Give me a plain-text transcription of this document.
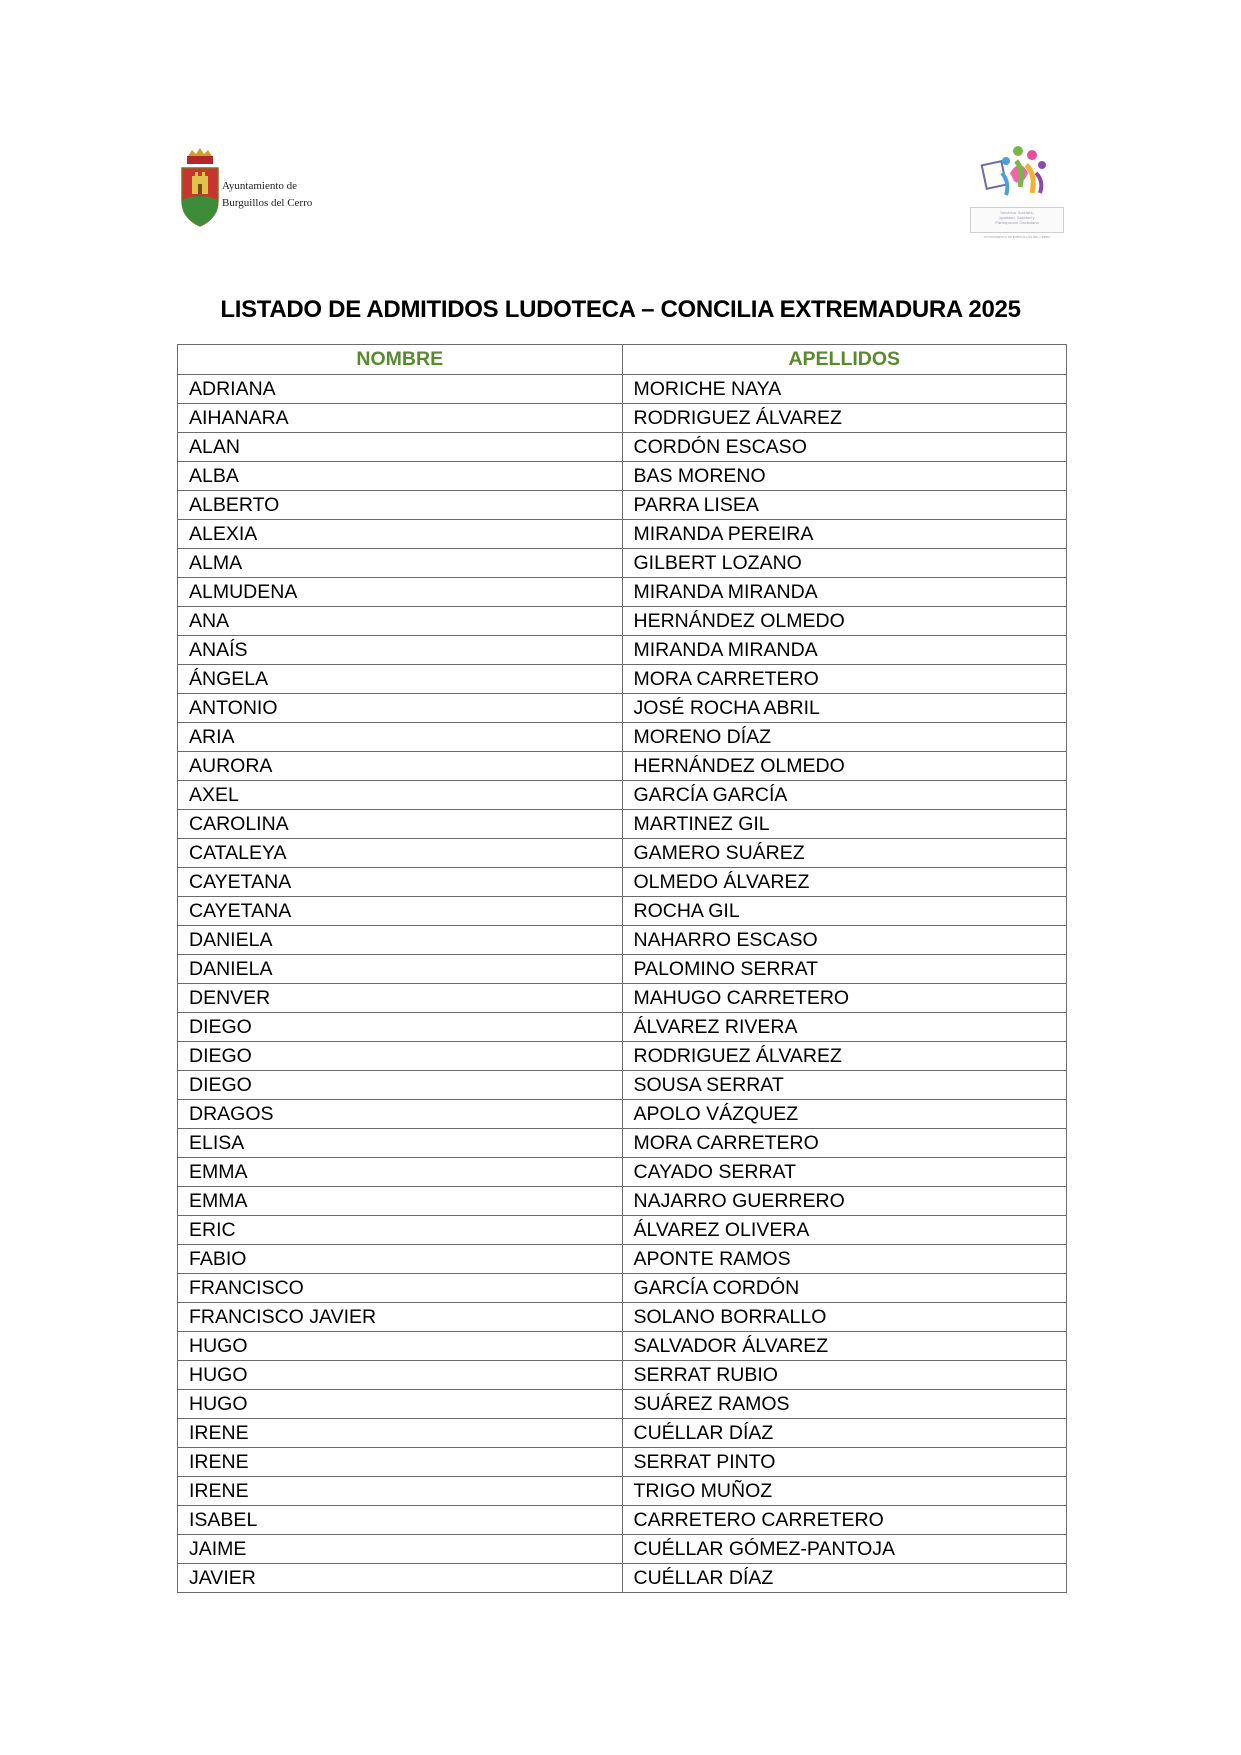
Ayuntamiento de
Burguillos del Cerro
Servicios Sociales,
Igualdad, Sanidad y
Participación Ciudadana
AYUNTAMIENTO DE BURGUILLOS DEL CERRO
LISTADO DE ADMITIDOS LUDOTECA – CONCILIA EXTREMADURA 2025
NOMBRE	APELLIDOS
ADRIANA	MORICHE NAYA
AIHANARA	RODRIGUEZ ÁLVAREZ
ALAN	CORDÓN ESCASO
ALBA	BAS MORENO
ALBERTO	PARRA LISEA
ALEXIA	MIRANDA PEREIRA
ALMA	GILBERT LOZANO
ALMUDENA	MIRANDA MIRANDA
ANA	HERNÁNDEZ OLMEDO
ANAÍS	MIRANDA MIRANDA
ÁNGELA	MORA CARRETERO
ANTONIO	JOSÉ ROCHA ABRIL
ARIA	MORENO DÍAZ
AURORA	HERNÁNDEZ OLMEDO
AXEL	GARCÍA GARCÍA
CAROLINA	MARTINEZ GIL
CATALEYA	GAMERO SUÁREZ
CAYETANA	OLMEDO ÁLVAREZ
CAYETANA	ROCHA GIL
DANIELA	NAHARRO ESCASO
DANIELA	PALOMINO SERRAT
DENVER	MAHUGO CARRETERO
DIEGO	ÁLVAREZ RIVERA
DIEGO	RODRIGUEZ ÁLVAREZ
DIEGO	SOUSA SERRAT
DRAGOS	APOLO VÁZQUEZ
ELISA	MORA CARRETERO
EMMA	CAYADO SERRAT
EMMA	NAJARRO GUERRERO
ERIC	ÁLVAREZ OLIVERA
FABIO	APONTE RAMOS
FRANCISCO	GARCÍA CORDÓN
FRANCISCO JAVIER	SOLANO BORRALLO
HUGO	SALVADOR ÁLVAREZ
HUGO	SERRAT RUBIO
HUGO	SUÁREZ RAMOS
IRENE	CUÉLLAR DÍAZ
IRENE	SERRAT PINTO
IRENE	TRIGO MUÑOZ
ISABEL	CARRETERO CARRETERO
JAIME	CUÉLLAR GÓMEZ-PANTOJA
JAVIER	CUÉLLAR DÍAZ
